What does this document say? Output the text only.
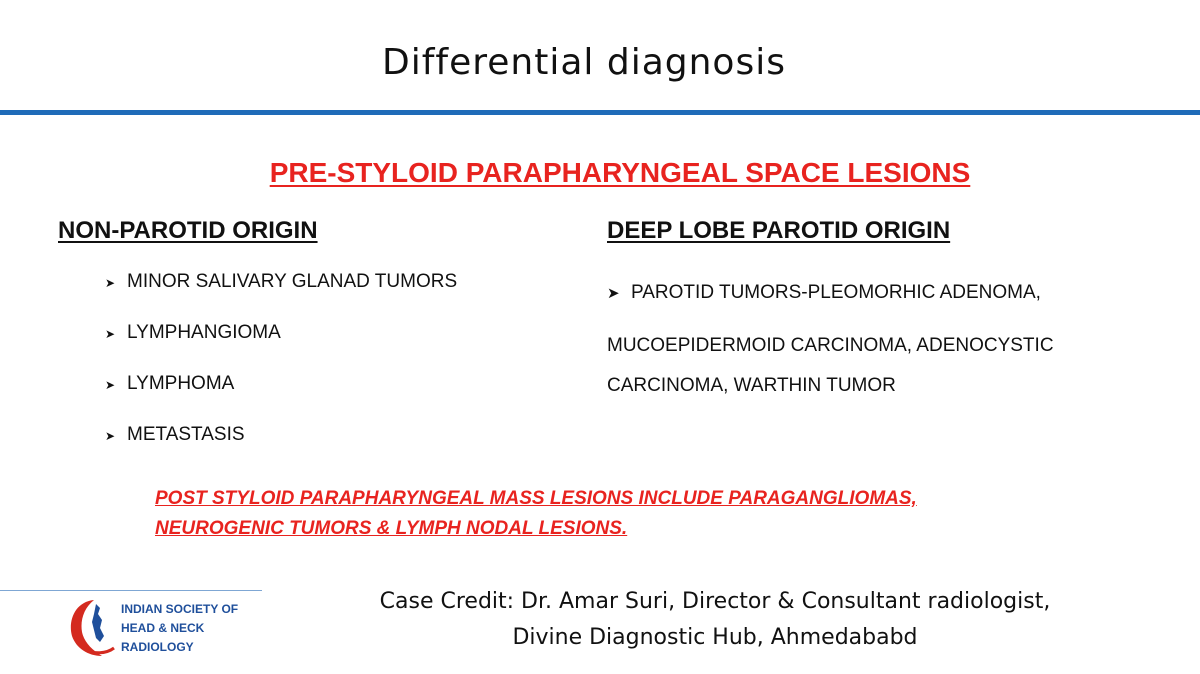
Differential diagnosis
PRE-STYLOID PARAPHARYNGEAL SPACE LESIONS
NON-PAROTID ORIGIN	DEEP LOBE PAROTID ORIGIN
➤ MINOR SALIVARY GLANAD TUMORS
➤ LYMPHANGIOMA
➤ LYMPHOMA
➤ METASTASIS
➤ PAROTID TUMORS-PLEOMORHIC ADENOMA,
MUCOEPIDERMOID CARCINOMA, ADENOCYSTIC
CARCINOMA, WARTHIN TUMOR

POST STYLOID PARAPHARYNGEAL MASS LESIONS INCLUDE PARAGANGLIOMAS,
NEUROGENIC TUMORS & LYMPH NODAL LESIONS.

INDIAN SOCIETY OF
HEAD & NECK
RADIOLOGY
Case Credit: Dr. Amar Suri, Director & Consultant radiologist,
Divine Diagnostic Hub, Ahmedababd
